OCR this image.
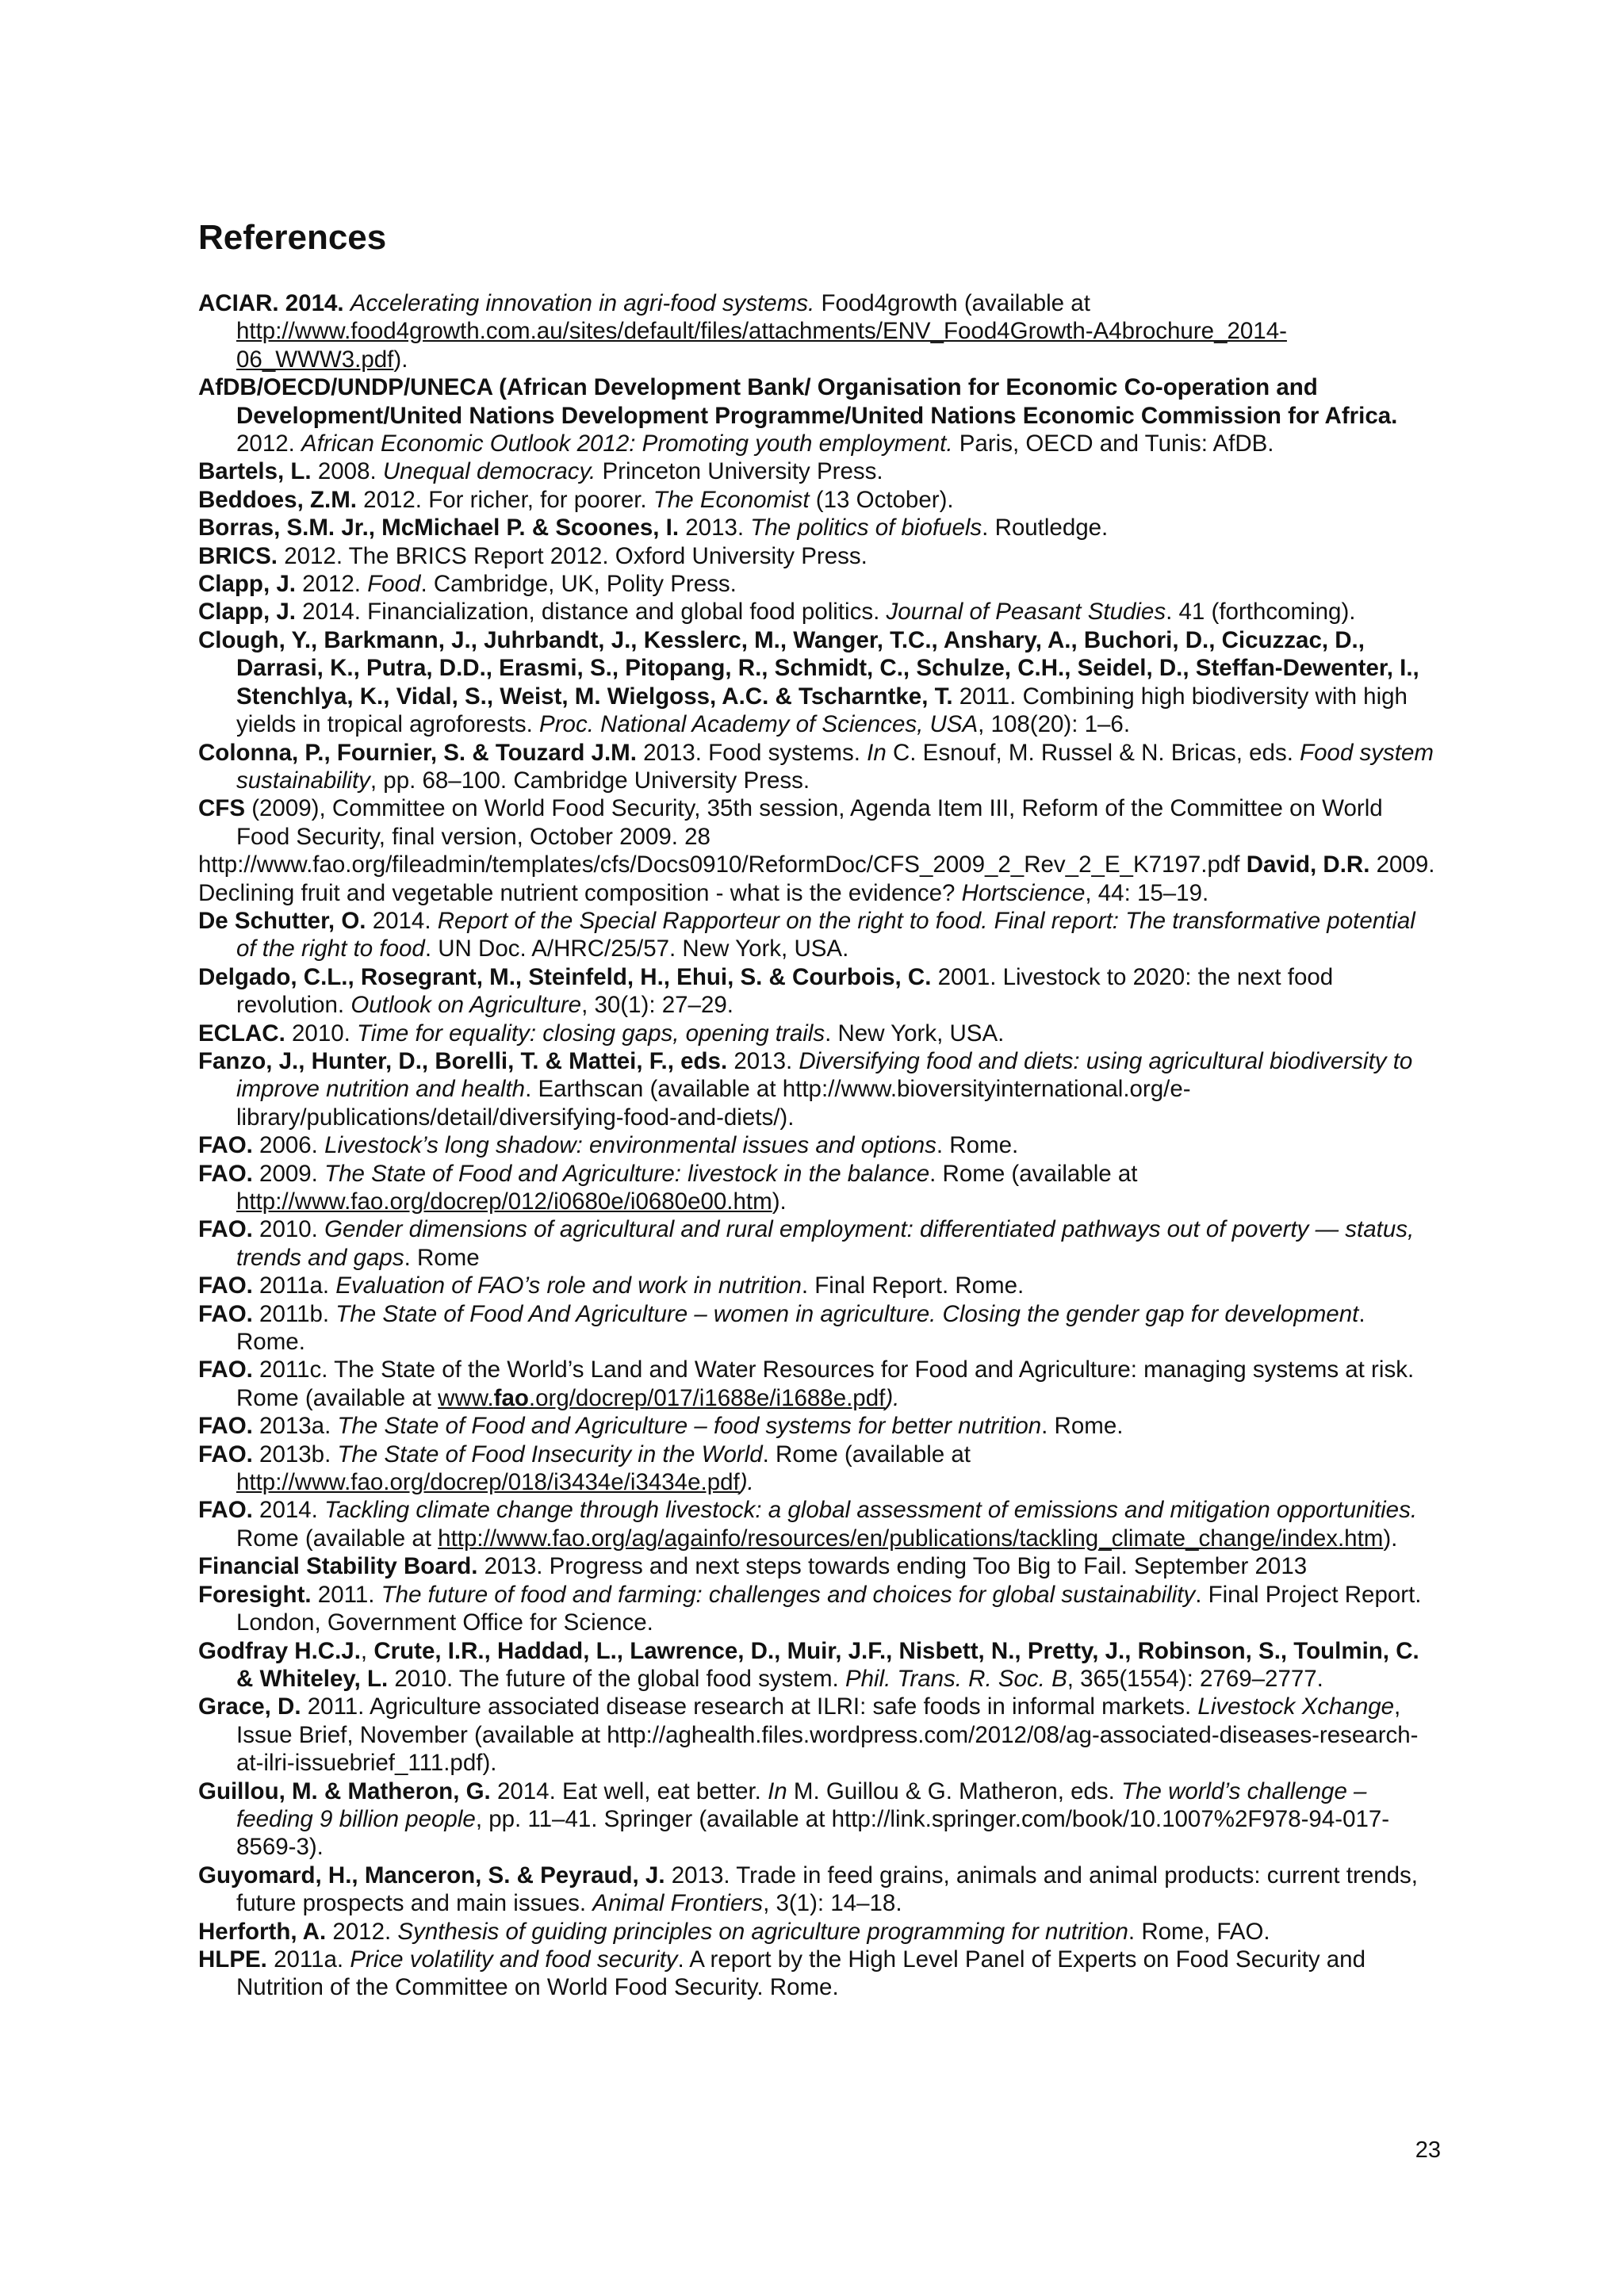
References

ACIAR. 2014. Accelerating innovation in agri-food systems. Food4growth (available at http://www.food4growth.com.au/sites/default/files/attachments/ENV_Food4Growth-A4brochure_2014-06_WWW3.pdf).

AfDB/OECD/UNDP/UNECA (African Development Bank/ Organisation for Economic Co-operation and Development/United Nations Development Programme/United Nations Economic Commission for Africa. 2012. African Economic Outlook 2012: Promoting youth employment. Paris, OECD and Tunis: AfDB.

Bartels, L. 2008. Unequal democracy. Princeton University Press.

Beddoes, Z.M. 2012. For richer, for poorer. The Economist (13 October).

Borras, S.M. Jr., McMichael P. & Scoones, I. 2013. The politics of biofuels. Routledge.

BRICS. 2012. The BRICS Report 2012. Oxford University Press.

Clapp, J. 2012. Food. Cambridge, UK, Polity Press.

Clapp, J. 2014. Financialization, distance and global food politics. Journal of Peasant Studies. 41 (forthcoming).

Clough, Y., Barkmann, J., Juhrbandt, J., Kesslerc, M., Wanger, T.C., Anshary, A., Buchori, D., Cicuzzac, D., Darrasi, K., Putra, D.D., Erasmi, S., Pitopang, R., Schmidt, C., Schulze, C.H., Seidel, D., Steffan-Dewenter, I., Stenchlya, K., Vidal, S., Weist, M. Wielgoss, A.C. & Tscharntke, T. 2011. Combining high biodiversity with high yields in tropical agroforests. Proc. National Academy of Sciences, USA, 108(20): 1–6.

Colonna, P., Fournier, S. & Touzard J.M. 2013. Food systems. In C. Esnouf, M. Russel & N. Bricas, eds. Food system sustainability, pp. 68–100. Cambridge University Press.

CFS (2009), Committee on World Food Security, 35th session, Agenda Item III, Reform of the Committee on World Food Security, final version, October 2009. 28

http://www.fao.org/fileadmin/templates/cfs/Docs0910/ReformDoc/CFS_2009_2_Rev_2_E_K7197.pdf David, D.R. 2009. Declining fruit and vegetable nutrient composition - what is the evidence? Hortscience, 44: 15–19.

De Schutter, O. 2014. Report of the Special Rapporteur on the right to food. Final report: The transformative potential of the right to food. UN Doc. A/HRC/25/57. New York, USA.

Delgado, C.L., Rosegrant, M., Steinfeld, H., Ehui, S. & Courbois, C. 2001. Livestock to 2020: the next food revolution. Outlook on Agriculture, 30(1): 27–29.

ECLAC. 2010. Time for equality: closing gaps, opening trails. New York, USA.

Fanzo, J., Hunter, D., Borelli, T. & Mattei, F., eds. 2013. Diversifying food and diets: using agricultural biodiversity to improve nutrition and health. Earthscan (available at http://www.bioversityinternational.org/e-library/publications/detail/diversifying-food-and-diets/).

FAO. 2006. Livestock’s long shadow: environmental issues and options. Rome.

FAO. 2009. The State of Food and Agriculture: livestock in the balance. Rome (available at http://www.fao.org/docrep/012/i0680e/i0680e00.htm).

FAO. 2010. Gender dimensions of agricultural and rural employment: differentiated pathways out of poverty — status, trends and gaps. Rome

FAO. 2011a. Evaluation of FAO’s role and work in nutrition. Final Report. Rome.

FAO. 2011b. The State of Food And Agriculture – women in agriculture. Closing the gender gap for development. Rome.

FAO. 2011c. The State of the World’s Land and Water Resources for Food and Agriculture: managing systems at risk. Rome (available at www.fao.org/docrep/017/i1688e/i1688e.pdf).

FAO. 2013a. The State of Food and Agriculture – food systems for better nutrition. Rome.

FAO. 2013b. The State of Food Insecurity in the World. Rome (available at http://www.fao.org/docrep/018/i3434e/i3434e.pdf).

FAO. 2014. Tackling climate change through livestock: a global assessment of emissions and mitigation opportunities. Rome (available at http://www.fao.org/ag/againfo/resources/en/publications/tackling_climate_change/index.htm).

Financial Stability Board. 2013. Progress and next steps towards ending Too Big to Fail. September 2013

Foresight. 2011. The future of food and farming: challenges and choices for global sustainability. Final Project Report. London, Government Office for Science.

Godfray H.C.J., Crute, I.R., Haddad, L., Lawrence, D., Muir, J.F., Nisbett, N., Pretty, J., Robinson, S., Toulmin, C. & Whiteley, L. 2010. The future of the global food system. Phil. Trans. R. Soc. B, 365(1554): 2769–2777.

Grace, D. 2011. Agriculture associated disease research at ILRI: safe foods in informal markets. Livestock Xchange, Issue Brief, November (available at http://aghealth.files.wordpress.com/2012/08/ag-associated-diseases-research-at-ilri-issuebrief_111.pdf).

Guillou, M. & Matheron, G. 2014. Eat well, eat better. In M. Guillou & G. Matheron, eds. The world’s challenge – feeding 9 billion people, pp. 11–41. Springer (available at http://link.springer.com/book/10.1007%2F978-94-017-8569-3).

Guyomard, H., Manceron, S. & Peyraud, J. 2013. Trade in feed grains, animals and animal products: current trends, future prospects and main issues. Animal Frontiers, 3(1): 14–18.

Herforth, A. 2012. Synthesis of guiding principles on agriculture programming for nutrition. Rome, FAO.

HLPE. 2011a. Price volatility and food security. A report by the High Level Panel of Experts on Food Security and Nutrition of the Committee on World Food Security. Rome.

23
